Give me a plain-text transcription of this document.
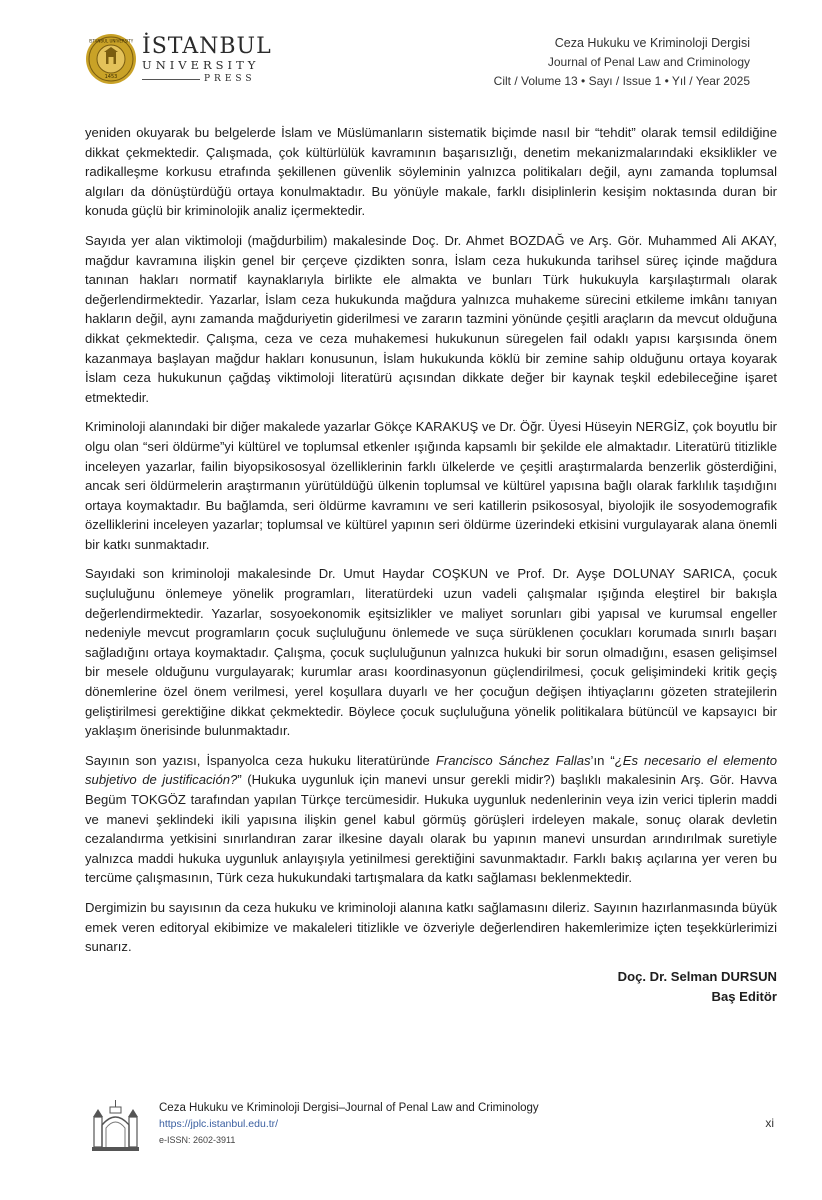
1453
ISTANBUL UNIVERSITY İSTANBUL
UNIVERSITY
PRESS
Ceza Hukuku ve Kriminoloji Dergisi
Journal of Penal Law and Criminology
Cilt / Volume 13 • Sayı / Issue 1 • Yıl / Year 2025

yeniden okuyarak bu belgelerde İslam ve Müslümanların sistematik biçimde nasıl bir “tehdit” olarak temsil edildiğine dikkat çekmektedir. Çalışmada, çok kültürlülük kavramının başarısızlığı, denetim mekanizmalarındaki eksiklikler ve radikalleşme korkusu etrafında şekillenen güvenlik söyleminin yalnızca politikaları değil, aynı zamanda toplumsal algıları da dönüştürdüğü ortaya konulmaktadır. Bu yönüyle makale, farklı disiplinlerin kesişim noktasında duran bir konuda güçlü bir kriminolojik analiz içermektedir.

Sayıda yer alan viktimoloji (mağdurbilim) makalesinde Doç. Dr. Ahmet BOZDAĞ ve Arş. Gör. Muhammed Ali AKAY, mağdur kavramına ilişkin genel bir çerçeve çizdikten sonra, İslam ceza hukukunda tarihsel süreç içinde mağdura tanınan hakları normatif kaynaklarıyla birlikte ele almakta ve bunları Türk hukukuyla karşılaştırmalı olarak değerlendirmektedir. Yazarlar, İslam ceza hukukunda mağdura yalnızca muhakeme sürecini etkileme imkânı tanıyan hakların değil, aynı zamanda mağduriyetin giderilmesi ve zararın tazmini yönünde çeşitli araçların da mevcut olduğuna dikkat çekmektedir. Çalışma, ceza ve ceza muhakemesi hukukunun süregelen fail odaklı yapısı karşısında önem kazanmaya başlayan mağdur hakları konusunun, İslam hukukunda köklü bir zemine sahip olduğunu ortaya koyarak İslam ceza hukukunun çağdaş viktimoloji literatürü açısından dikkate değer bir kaynak teşkil edebileceğine işaret etmektedir.

Kriminoloji alanındaki bir diğer makalede yazarlar Gökçe KARAKUŞ ve Dr. Öğr. Üyesi Hüseyin NERGİZ, çok boyutlu bir olgu olan “seri öldürme”yi kültürel ve toplumsal etkenler ışığında kapsamlı bir şekilde ele almaktadır. Literatürü titizlikle inceleyen yazarlar, failin biyopsikososyal özelliklerinin farklı ülkelerde ve çeşitli araştırmalarda benzerlik gösterdiğini, ancak seri öldürmelerin araştırmanın yürütüldüğü ülkenin toplumsal ve kültürel yapısına bağlı olarak farklılık taşıdığını ortaya koymaktadır. Bu bağlamda, seri öldürme kavramını ve seri katillerin psikososyal, biyolojik ile sosyodemografik özelliklerini inceleyen yazarlar; toplumsal ve kültürel yapının seri öldürme üzerindeki etkisini vurgulayarak alana önemli bir katkı sunmaktadır.

Sayıdaki son kriminoloji makalesinde Dr. Umut Haydar COŞKUN ve Prof. Dr. Ayşe DOLUNAY SARICA, çocuk suçluluğunu önlemeye yönelik programları, literatürdeki uzun vadeli çalışmalar ışığında eleştirel bir bakışla değerlendirmektedir. Yazarlar, sosyoekonomik eşitsizlikler ve maliyet sorunları gibi yapısal ve kurumsal engeller nedeniyle mevcut programların çocuk suçluluğunu önlemede ve suça sürüklenen çocukları korumada sınırlı başarı sağladığını ortaya koymaktadır. Çalışma, çocuk suçluluğunun yalnızca hukuki bir sorun olmadığını, esasen gelişimsel bir mesele olduğunu vurgulayarak; kurumlar arası koordinasyonun güçlendirilmesi, çocuk gelişimindeki kritik geçiş dönemlerine özel önem verilmesi, yerel koşullara duyarlı ve her çocuğun değişen ihtiyaçlarını gözeten stratejilerin geliştirilmesi gerektiğine dikkat çekmektedir. Böylece çocuk suçluluğuna yönelik politikalara bütüncül ve kapsayıcı bir yaklaşım önerisinde bulunmaktadır.

Sayının son yazısı, İspanyolca ceza hukuku literatüründe Francisco Sánchez Fallas’ın “¿Es necesario el elemento subjetivo de justificación?” (Hukuka uygunluk için manevi unsur gerekli midir?) başlıklı makalesinin Arş. Gör. Havva Begüm TOKGÖZ tarafından yapılan Türkçe tercümesidir. Hukuka uygunluk nedenlerinin veya izin verici tiplerin maddi ve manevi şeklindeki ikili yapısına ilişkin genel kabul görmüş görüşleri irdeleyen makale, sonuç olarak devletin cezalandırma yetkisini sınırlandıran zarar ilkesine dayalı olarak bu yapının manevi unsurdan arındırılmak suretiyle yalnızca maddi hukuka uygunluk anlayışıyla yetinilmesi gerektiğini savunmaktadır. Farklı bakış açılarına yer veren bu tercüme çalışmasının, Türk ceza hukukundaki tartışmalara da katkı sağlaması beklenmektedir.

Dergimizin bu sayısının da ceza hukuku ve kriminoloji alanına katkı sağlamasını dileriz. Sayının hazırlanmasında büyük emek veren editoryal ekibimize ve makaleleri titizlikle ve özveriyle değerlendiren hakemlerimize içten teşekkürlerimizi sunarız.

Doç. Dr. Selman DURSUN
Baş Editör
Ceza Hukuku ve Kriminoloji Dergisi–Journal of Penal Law and Criminology
https://jplc.istanbul.edu.tr/
e-ISSN: 2602-3911
xi
